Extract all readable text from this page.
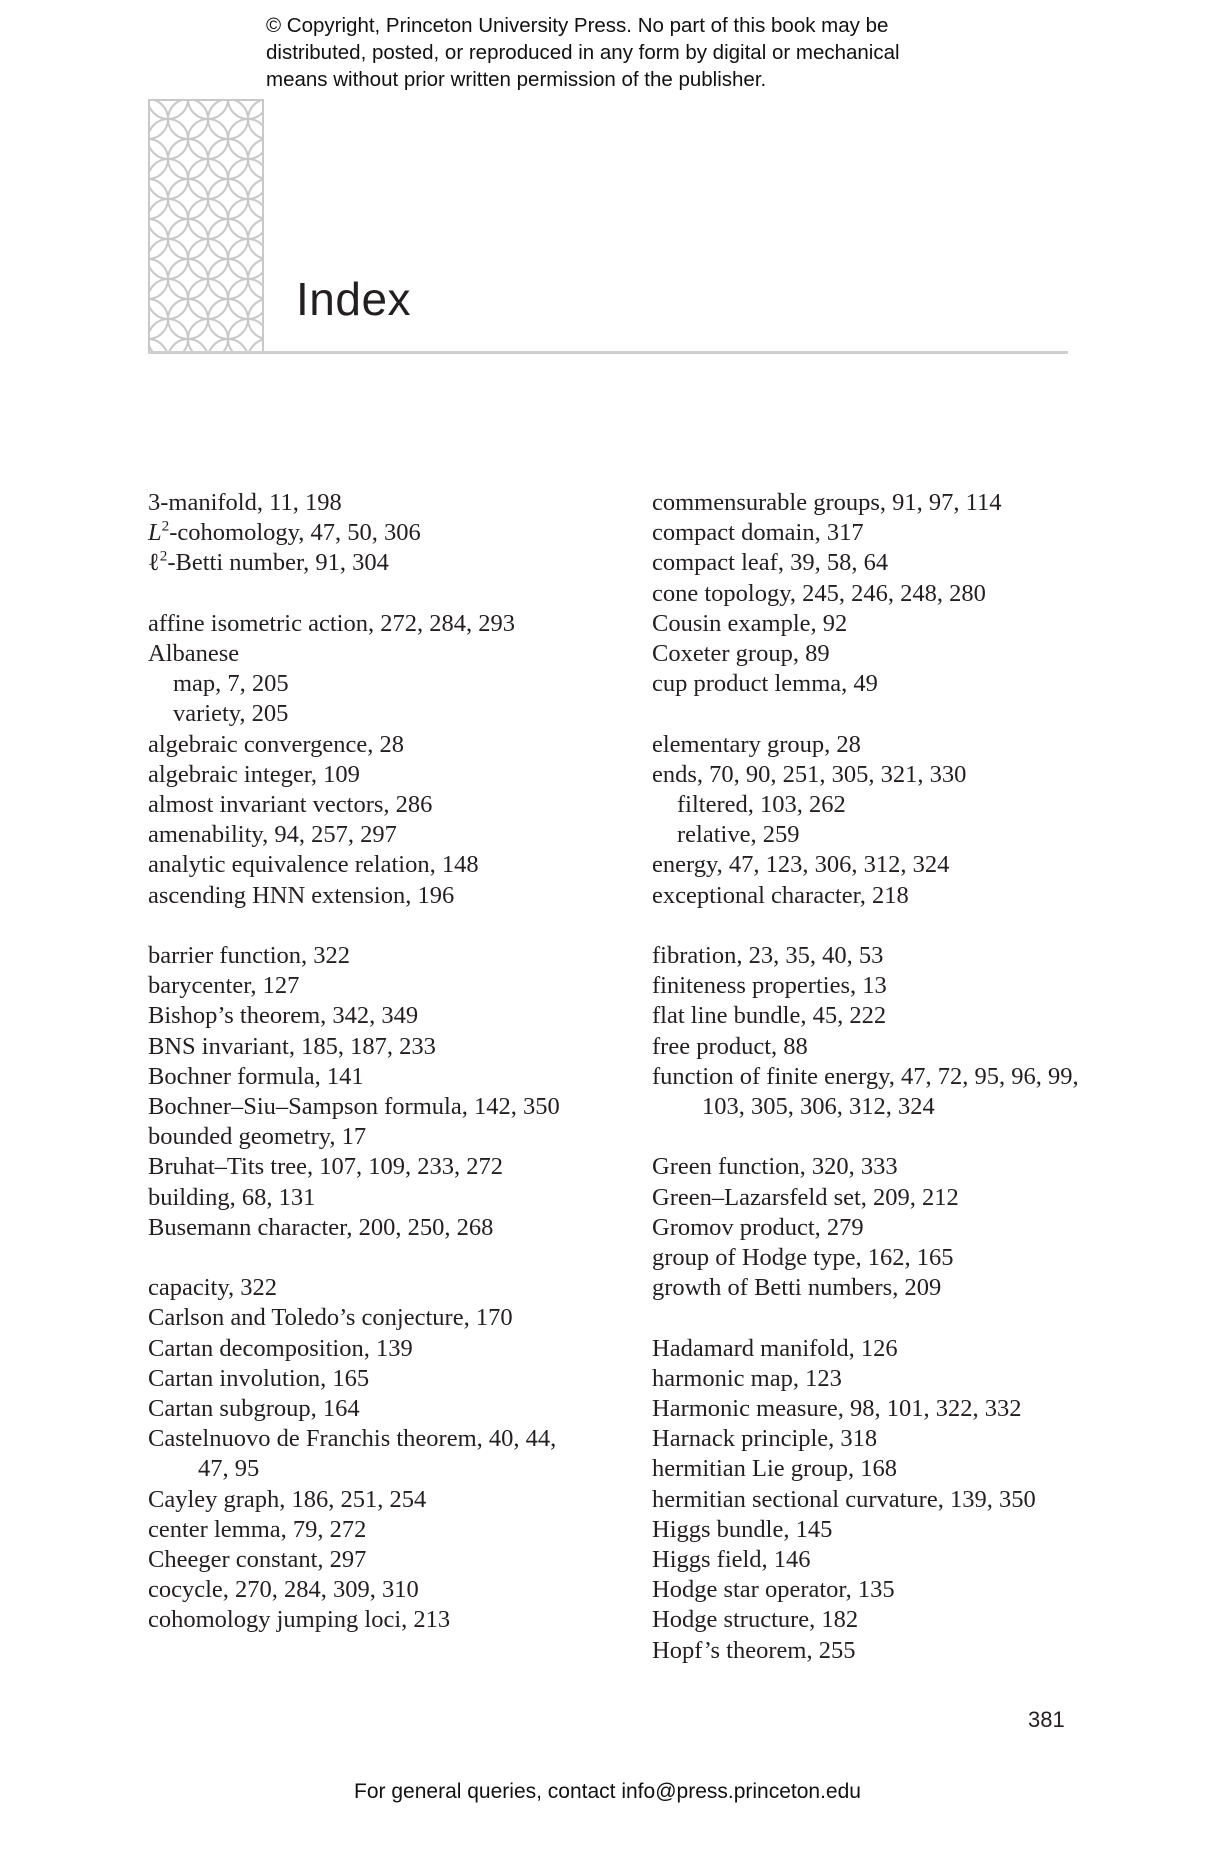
© Copyright, Princeton University Press. No part of this book may be
distributed, posted, or reproduced in any form by digital or mechanical
means without prior written permission of the publisher.
Index
3-manifold, 11, 198
$L^2$-cohomology, 47, 50, 306
ℓ$^2$-Betti number, 91, 304
affine isometric action, 272, 284, 293
Albanese
map, 7, 205
variety, 205
algebraic convergence, 28
algebraic integer, 109
almost invariant vectors, 286
amenability, 94, 257, 297
analytic equivalence relation, 148
ascending HNN extension, 196
barrier function, 322
barycenter, 127
Bishop’s theorem, 342, 349
BNS invariant, 185, 187, 233
Bochner formula, 141
Bochner–Siu–Sampson formula, 142, 350
bounded geometry, 17
Bruhat–Tits tree, 107, 109, 233, 272
building, 68, 131
Busemann character, 200, 250, 268
capacity, 322
Carlson and Toledo’s conjecture, 170
Cartan decomposition, 139
Cartan involution, 165
Cartan subgroup, 164
Castelnuovo de Franchis theorem, 40, 44, 47, 95
Cayley graph, 186, 251, 254
center lemma, 79, 272
Cheeger constant, 297
cocycle, 270, 284, 309, 310
cohomology jumping loci, 213
commensurable groups, 91, 97, 114
compact domain, 317
compact leaf, 39, 58, 64
cone topology, 245, 246, 248, 280
Cousin example, 92
Coxeter group, 89
cup product lemma, 49
elementary group, 28
ends, 70, 90, 251, 305, 321, 330
filtered, 103, 262
relative, 259
energy, 47, 123, 306, 312, 324
exceptional character, 218
fibration, 23, 35, 40, 53
finiteness properties, 13
flat line bundle, 45, 222
free product, 88
function of finite energy, 47, 72, 95, 96, 99, 103, 305, 306, 312, 324
Green function, 320, 333
Green–Lazarsfeld set, 209, 212
Gromov product, 279
group of Hodge type, 162, 165
growth of Betti numbers, 209
Hadamard manifold, 126
harmonic map, 123
Harmonic measure, 98, 101, 322, 332
Harnack principle, 318
hermitian Lie group, 168
hermitian sectional curvature, 139, 350
Higgs bundle, 145
Higgs field, 146
Hodge star operator, 135
Hodge structure, 182
Hopf’s theorem, 255
381
For general queries, contact info@press.princeton.edu
